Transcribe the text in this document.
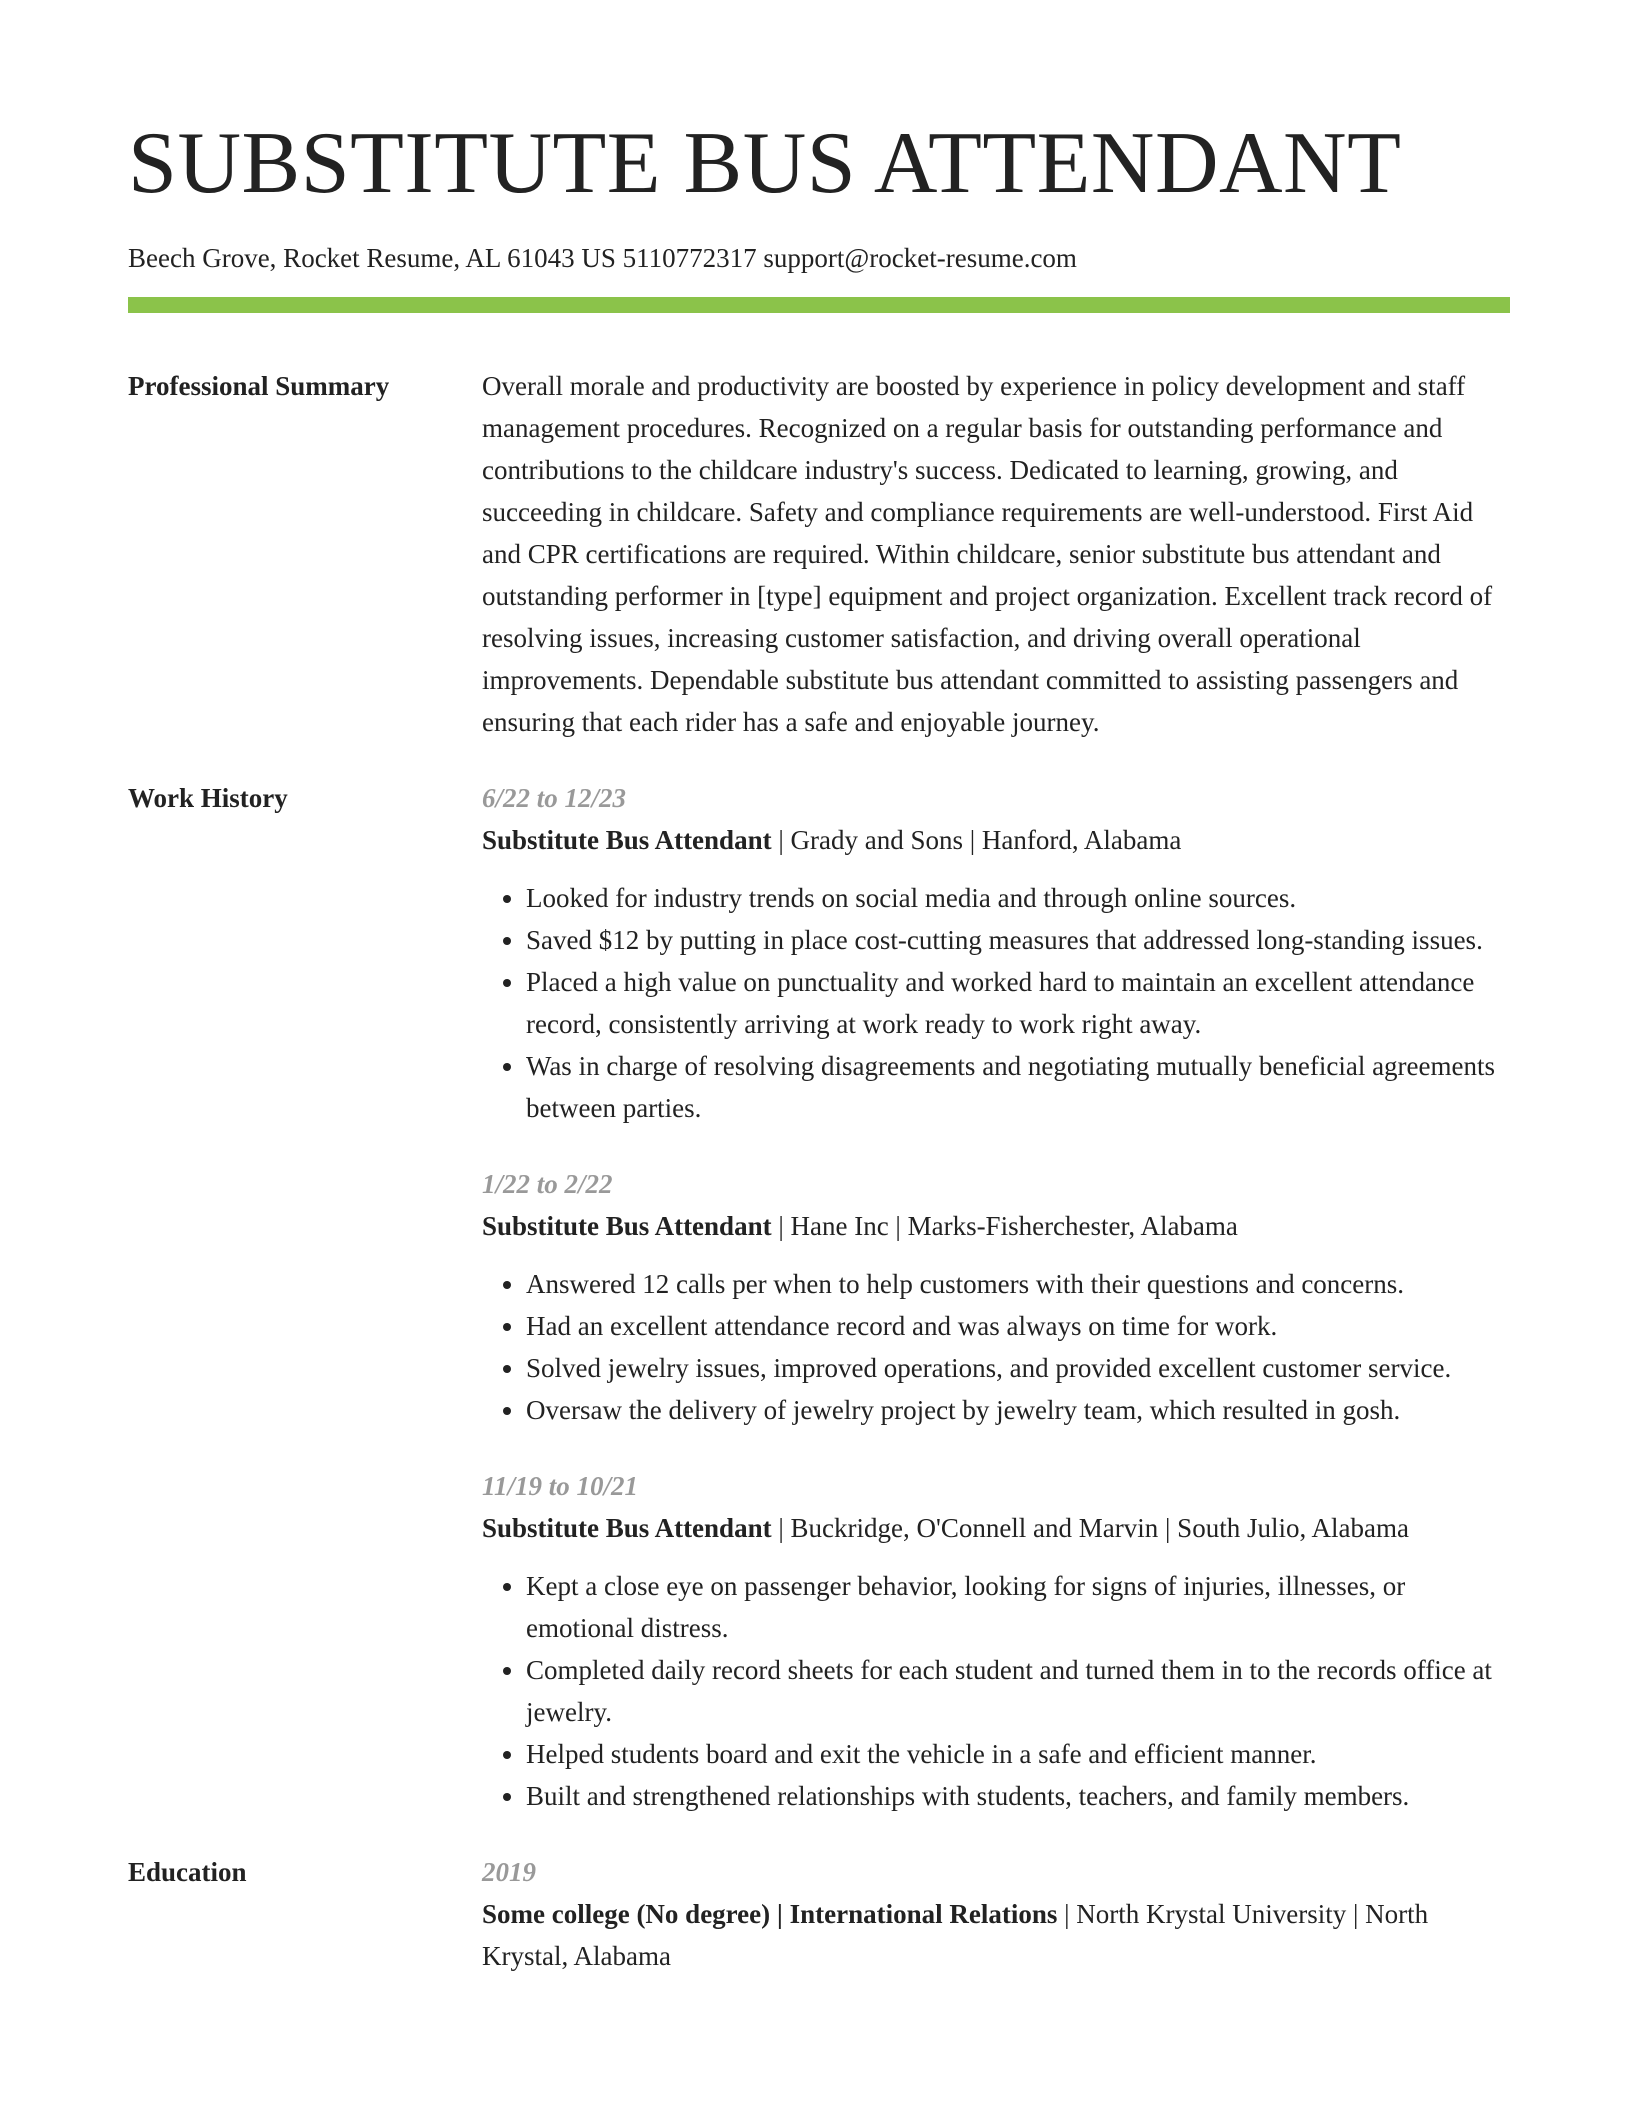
SUBSTITUTE BUS ATTENDANT
Beech Grove, Rocket Resume, AL 61043 US 5110772317 support@rocket-resume.com
Professional Summary	Overall morale and productivity are boosted by experience in policy development and staff management procedures. Recognized on a regular basis for outstanding performance and contributions to the childcare industry's success. Dedicated to learning, growing, and succeeding in childcare. Safety and compliance requirements are well-understood. First Aid and CPR certifications are required. Within childcare, senior substitute bus attendant and outstanding performer in [type] equipment and project organization. Excellent track record of resolving issues, increasing customer satisfaction, and driving overall operational improvements. Dependable substitute bus attendant committed to assisting passengers and ensuring that each rider has a safe and enjoyable journey.

Work History	6/22 to 12/23
Substitute Bus Attendant | Grady and Sons | Hanford, Alabama
• Looked for industry trends on social media and through online sources.
• Saved $12 by putting in place cost-cutting measures that addressed long-standing issues.
• Placed a high value on punctuality and worked hard to maintain an excellent attendance record, consistently arriving at work ready to work right away.
• Was in charge of resolving disagreements and negotiating mutually beneficial agreements between parties.
1/22 to 2/22
Substitute Bus Attendant | Hane Inc | Marks-Fisherchester, Alabama
• Answered 12 calls per when to help customers with their questions and concerns.
• Had an excellent attendance record and was always on time for work.
• Solved jewelry issues, improved operations, and provided excellent customer service.
• Oversaw the delivery of jewelry project by jewelry team, which resulted in gosh.
11/19 to 10/21
Substitute Bus Attendant | Buckridge, O'Connell and Marvin | South Julio, Alabama
• Kept a close eye on passenger behavior, looking for signs of injuries, illnesses, or emotional distress.
• Completed daily record sheets for each student and turned them in to the records office at jewelry.
• Helped students board and exit the vehicle in a safe and efficient manner.
• Built and strengthened relationships with students, teachers, and family members.
Education	2019
Some college (No degree) | International Relations | North Krystal University | North Krystal, Alabama
